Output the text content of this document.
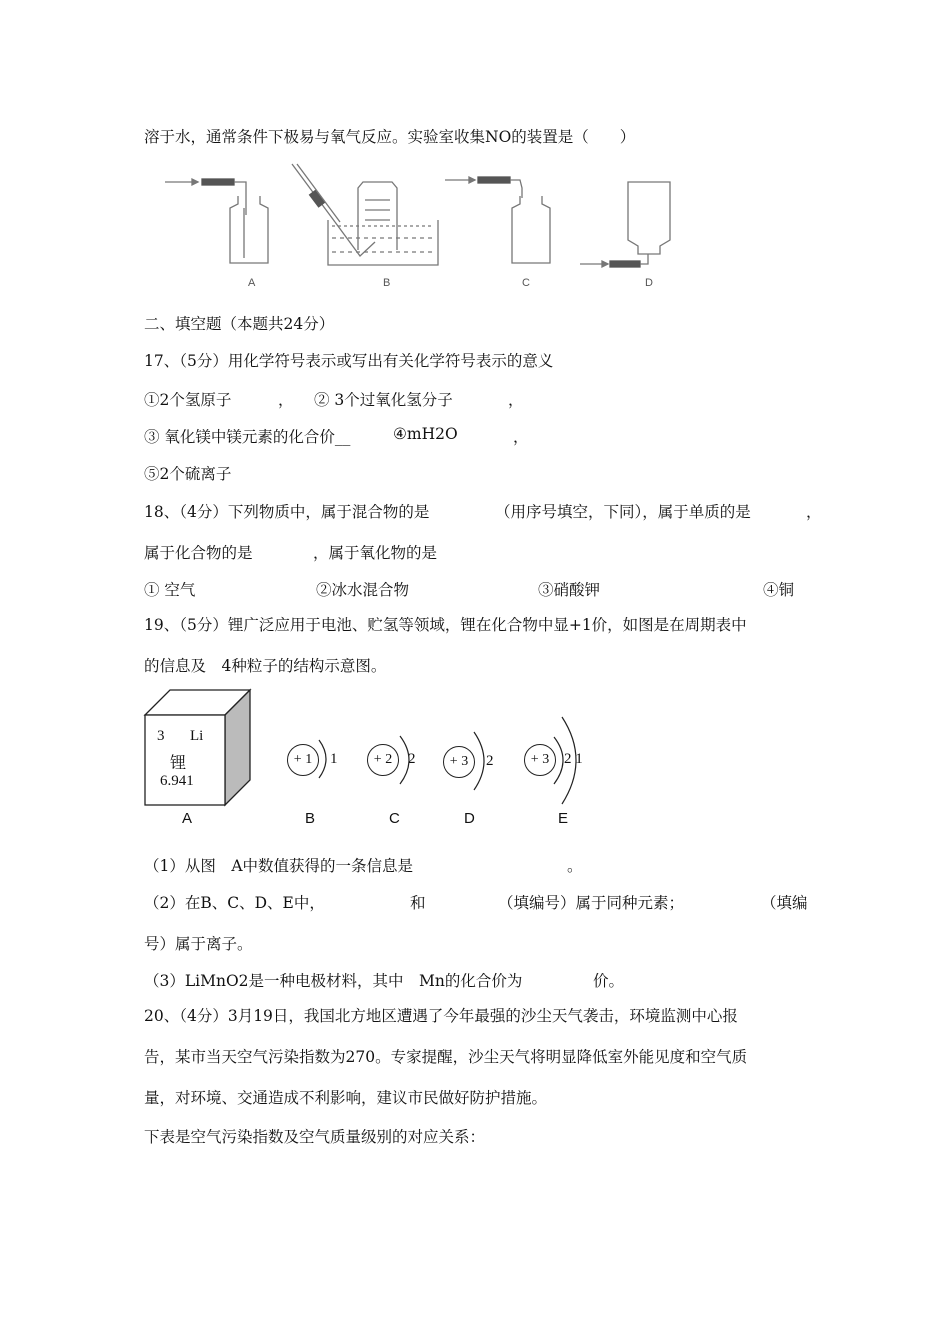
溶于水，通常条件下极易与氧气反应。实验室收集NO的装置是（　　）
A	B	C	D
二、填空题（本题共24分）
17、（5分）用化学符号表示或写出有关化学符号表示的意义
①2个氢原子	， ② 3个过氧化氢分子	，
③ 氧化镁中镁元素的化合价__	④mH2O	，
⑤2个硫离子
18、（4分）下列物质中，属于混合物的是	（用序号填空，下同），属于单质的是	，
属于化合物的是	，属于氧化物的是
① 空气	②冰水混合物	③硝酸钾	④铜
19、（5分）锂广泛应用于电池、贮氢等领域，锂在化合物中显+1价，如图是在周期表中
的信息及　4种粒子的结构示意图。
3 Li
锂
6.941
+ 1	1	+ 2	2	+ 3	2	+ 3 2 1
A	B	C	D	E
（1）从图　A中数值获得的一条信息是	。
（2）在B、C、D、E中，	和	（填编号）属于同种元素；	（填编
号）属于离子。
（3）LiMnO2是一种电极材料，其中　Mn的化合价为	价。
20、（4分）3月19日，我国北方地区遭遇了今年最强的沙尘天气袭击，环境监测中心报
告，某市当天空气污染指数为270。专家提醒，沙尘天气将明显降低室外能见度和空气质
量，对环境、交通造成不利影响，建议市民做好防护措施。
下表是空气污染指数及空气质量级别的对应关系：
